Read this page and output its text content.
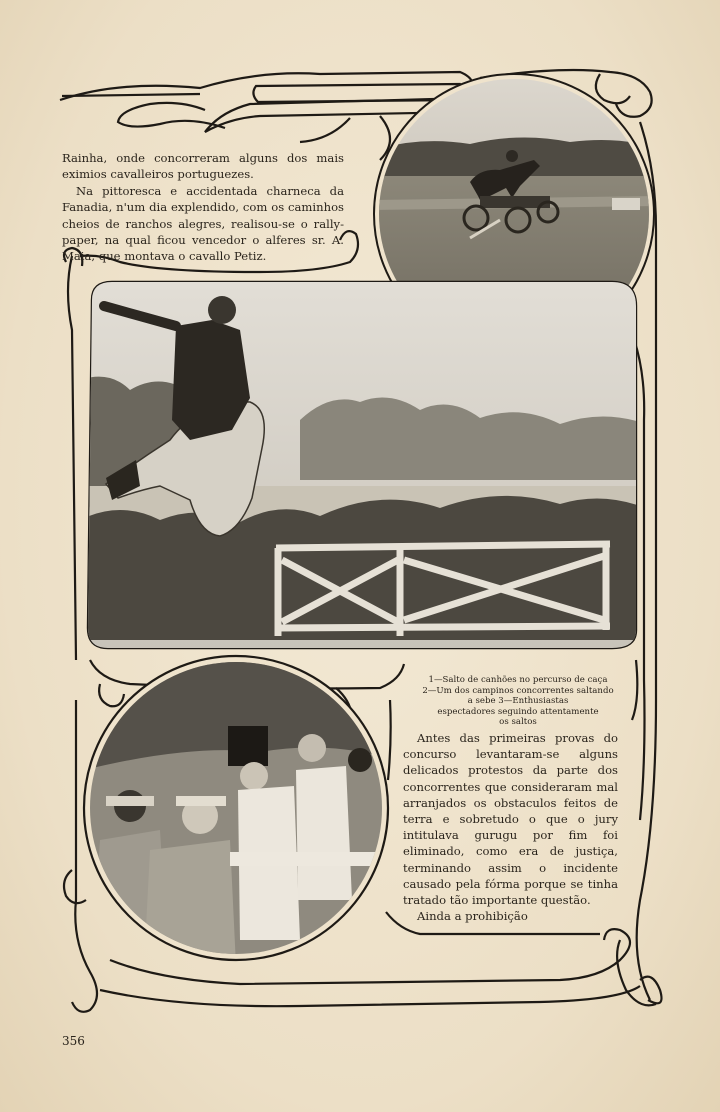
Rainha, onde concorreram alguns dos mais eximios cavalleiros portuguezes.

Na pittoresca e accidentada charneca da Fanadia, n'um dia explendido, com os caminhos cheios de ranchos alegres, realisou-se o rally-paper, na qual ficou vencedor o alferes sr. A. Maia, que montava o cavallo Petiz.

1—Salto de canhões no percurso de caça
2—Um dos campinos concorrentes saltando
a sebe 3—Enthusiastas
espectadores seguindo attentamente
os saltos

Antes das primeiras provas do concurso levantaram-se alguns delicados protestos da parte dos concorrentes que consideraram mal arranjados os obstaculos feitos de terra e sobretudo o que o jury intitulava gurugu por fim foi eliminado, como era de justiça, terminando assim o incidente causado pela fórma porque se tinha tratado tão importante questão.

Ainda a prohibição

356
